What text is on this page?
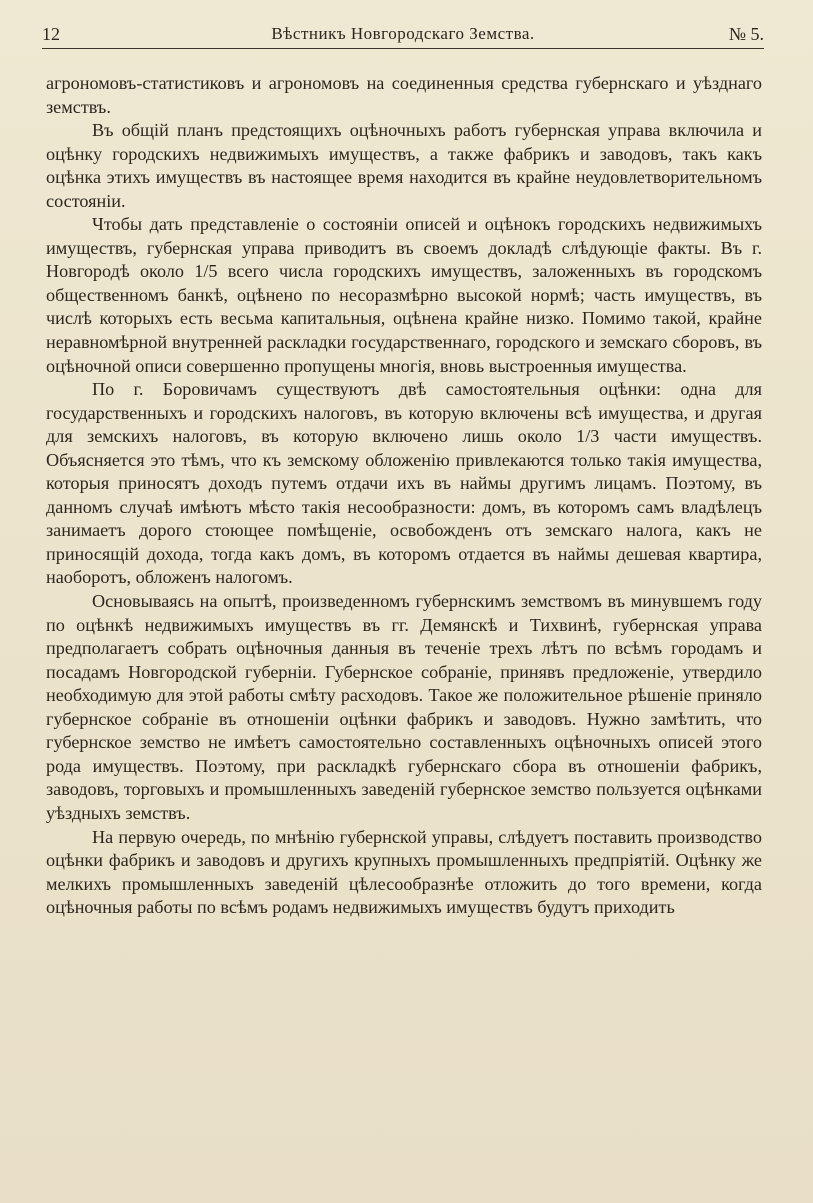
12	Вѣстникъ Новгородскаго Земства.	№ 5.

агрономовъ-статистиковъ и агрономовъ на соединенныя средства губернскаго и уѣзднаго земствъ.

Въ общій планъ предстоящихъ оцѣночныхъ работъ губернская управа включила и оцѣнку городскихъ недвижимыхъ имуществъ, а также фабрикъ и заводовъ, такъ какъ оцѣнка этихъ имуществъ въ настоящее время находится въ крайне неудовлетворительномъ состояніи.

Чтобы дать представленіе о состояніи описей и оцѣнокъ городскихъ недвижимыхъ имуществъ, губернская управа приводитъ въ своемъ докладѣ слѣдующіе факты. Въ г. Новгородѣ около 1/5 всего числа городскихъ имуществъ, заложенныхъ въ городскомъ общественномъ банкѣ, оцѣнено по несоразмѣрно высокой нормѣ; часть имуществъ, въ числѣ которыхъ есть весьма капитальныя, оцѣнена крайне низко. Помимо такой, крайне неравномѣрной внутренней раскладки государственнаго, городского и земскаго сборовъ, въ оцѣночной описи совершенно пропущены многія, вновь выстроенныя имущества.

По г. Боровичамъ существуютъ двѣ самостоятельныя оцѣнки: одна для государственныхъ и городскихъ налоговъ, въ которую включены всѣ имущества, и другая для земскихъ налоговъ, въ которую включено лишь около 1/3 части имуществъ. Объясняется это тѣмъ, что къ земскому обложенію привлекаются только такія имущества, которыя приносятъ доходъ путемъ отдачи ихъ въ наймы другимъ лицамъ. Поэтому, въ данномъ случаѣ имѣютъ мѣсто такія несообразности: домъ, въ которомъ самъ владѣлецъ занимаетъ дорого стоющее помѣщеніе, освобожденъ отъ земскаго налога, какъ не приносящій дохода, тогда какъ домъ, въ которомъ отдается въ наймы дешевая квартира, наоборотъ, обложенъ налогомъ.

Основываясь на опытѣ, произведенномъ губернскимъ земствомъ въ минувшемъ году по оцѣнкѣ недвижимыхъ имуществъ въ гг. Демянскѣ и Тихвинѣ, губернская управа предполагаетъ собрать оцѣночныя данныя въ теченіе трехъ лѣтъ по всѣмъ городамъ и посадамъ Новгородской губерніи. Губернское собраніе, принявъ предложеніе, утвердило необходимую для этой работы смѣту расходовъ. Такое же положительное рѣшеніе приняло губернское собраніе въ отношеніи оцѣнки фабрикъ и заводовъ. Нужно замѣтить, что губернское земство не имѣетъ самостоятельно составленныхъ оцѣночныхъ описей этого рода имуществъ. Поэтому, при раскладкѣ губернскаго сбора въ отношеніи фабрикъ, заводовъ, торговыхъ и промышленныхъ заведеній губернское земство пользуется оцѣнками уѣздныхъ земствъ.

На первую очередь, по мнѣнію губернской управы, слѣдуетъ поставить производство оцѣнки фабрикъ и заводовъ и другихъ крупныхъ промышленныхъ предпріятій. Оцѣнку же мелкихъ промышленныхъ заведеній цѣлесообразнѣе отложить до того времени, когда оцѣночныя работы по всѣмъ родамъ недвижимыхъ имуществъ будутъ приходить
